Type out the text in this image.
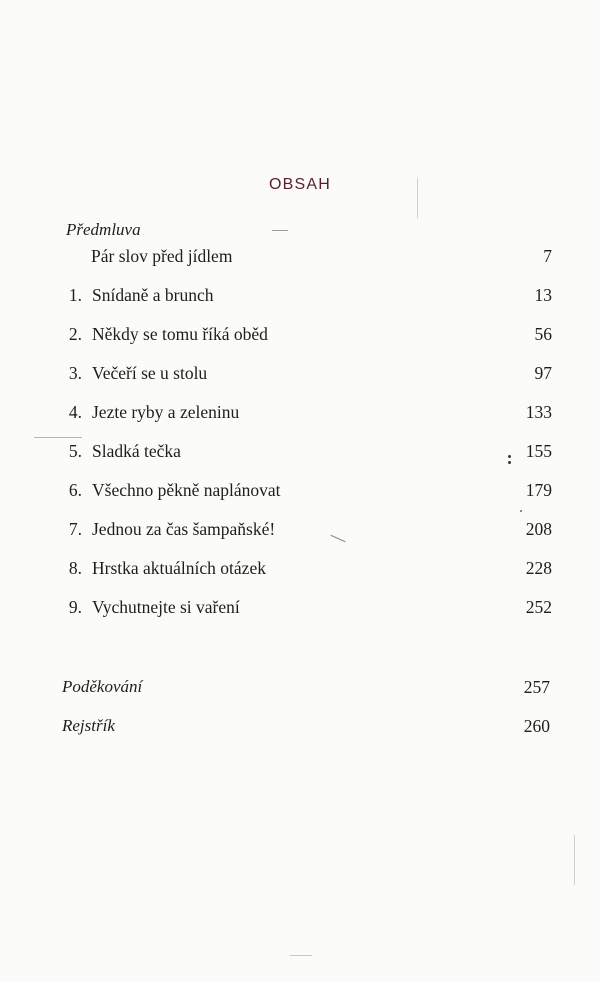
OBSAH
Předmluva
Pár slov před jídlem	7
1. Snídaně a brunch	13
2. Někdy se tomu říká oběd	56
3. Večeří se u stolu	97
4. Jezte ryby a zeleninu	133
5. Sladká tečka	155
6. Všechno pěkně naplánovat	179
7. Jednou za čas šampaňské!	208
8. Hrstka aktuálních otázek	228
9. Vychutnejte si vaření	252
Poděkování	257
Rejstřík	260
